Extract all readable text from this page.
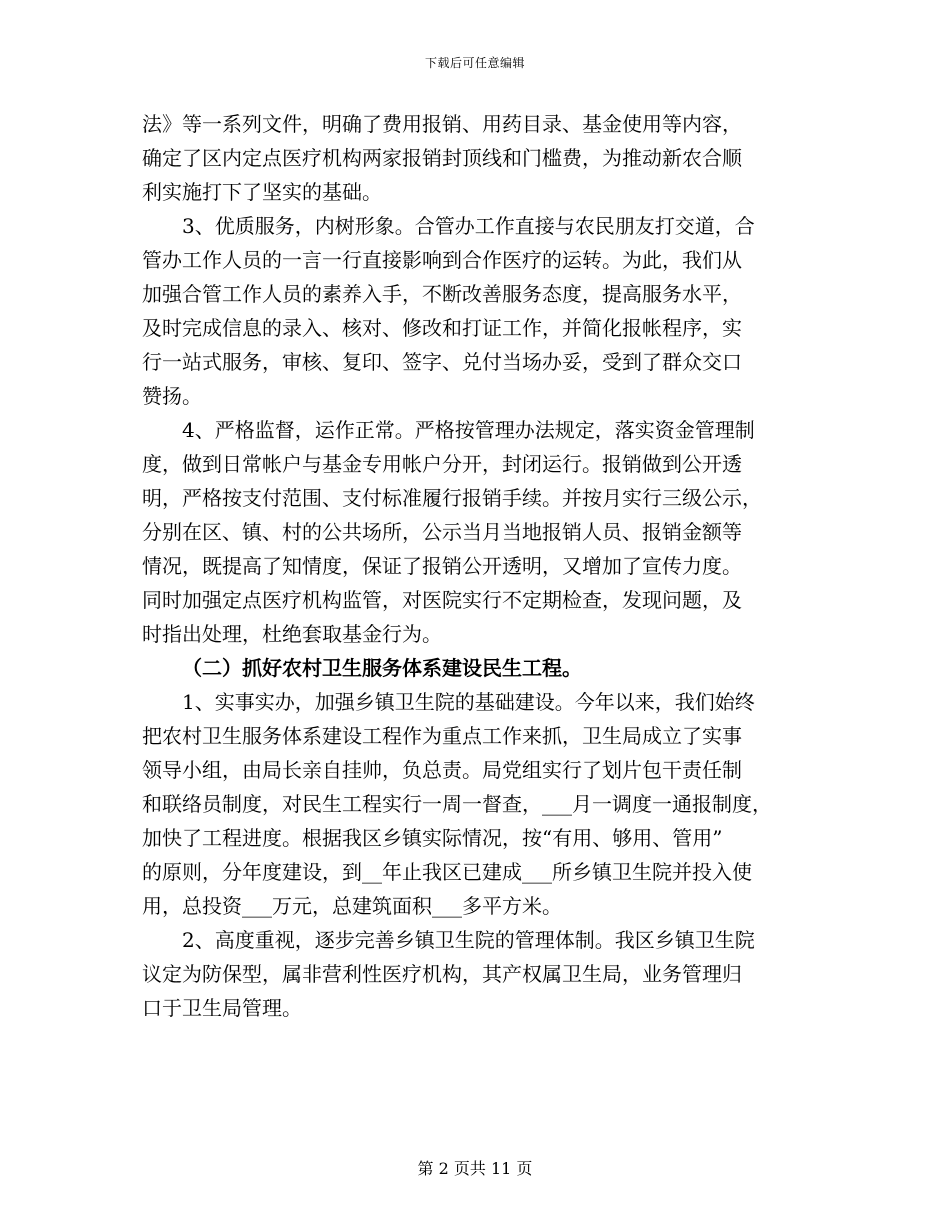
下载后可任意编辑
法》等一系列文件，明确了费用报销、用药目录、基金使用等内容，
确定了区内定点医疗机构两家报销封顶线和门槛费，为推动新农合顺
利实施打下了坚实的基础。
3、优质服务，内树形象。合管办工作直接与农民朋友打交道，合
管办工作人员的一言一行直接影响到合作医疗的运转。为此，我们从
加强合管工作人员的素养入手，不断改善服务态度，提高服务水平，
及时完成信息的录入、核对、修改和打证工作，并简化报帐程序，实
行一站式服务，审核、复印、签字、兑付当场办妥，受到了群众交口
赞扬。
4、严格监督，运作正常。严格按管理办法规定，落实资金管理制
度，做到日常帐户与基金专用帐户分开，封闭运行。报销做到公开透
明，严格按支付范围、支付标准履行报销手续。并按月实行三级公示，
分别在区、镇、村的公共场所，公示当月当地报销人员、报销金额等
情况，既提高了知情度，保证了报销公开透明，又增加了宣传力度。
同时加强定点医疗机构监管，对医院实行不定期检查，发现问题，及
时指出处理，杜绝套取基金行为。
（二）抓好农村卫生服务体系建设民生工程。
1、实事实办，加强乡镇卫生院的基础建设。今年以来，我们始终
把农村卫生服务体系建设工程作为重点工作来抓，卫生局成立了实事
领导小组，由局长亲自挂帅，负总责。局党组实行了划片包干责任制
和联络员制度，对民生工程实行一周一督查，___月一调度一通报制度，
加快了工程进度。根据我区乡镇实际情况，按“有用、够用、管用”
的原则，分年度建设，到__年止我区已建成___所乡镇卫生院并投入使
用，总投资___万元，总建筑面积___多平方米。
2、高度重视，逐步完善乡镇卫生院的管理体制。我区乡镇卫生院
议定为防保型，属非营利性医疗机构，其产权属卫生局，业务管理归
口于卫生局管理。
第 2 页共 11 页
